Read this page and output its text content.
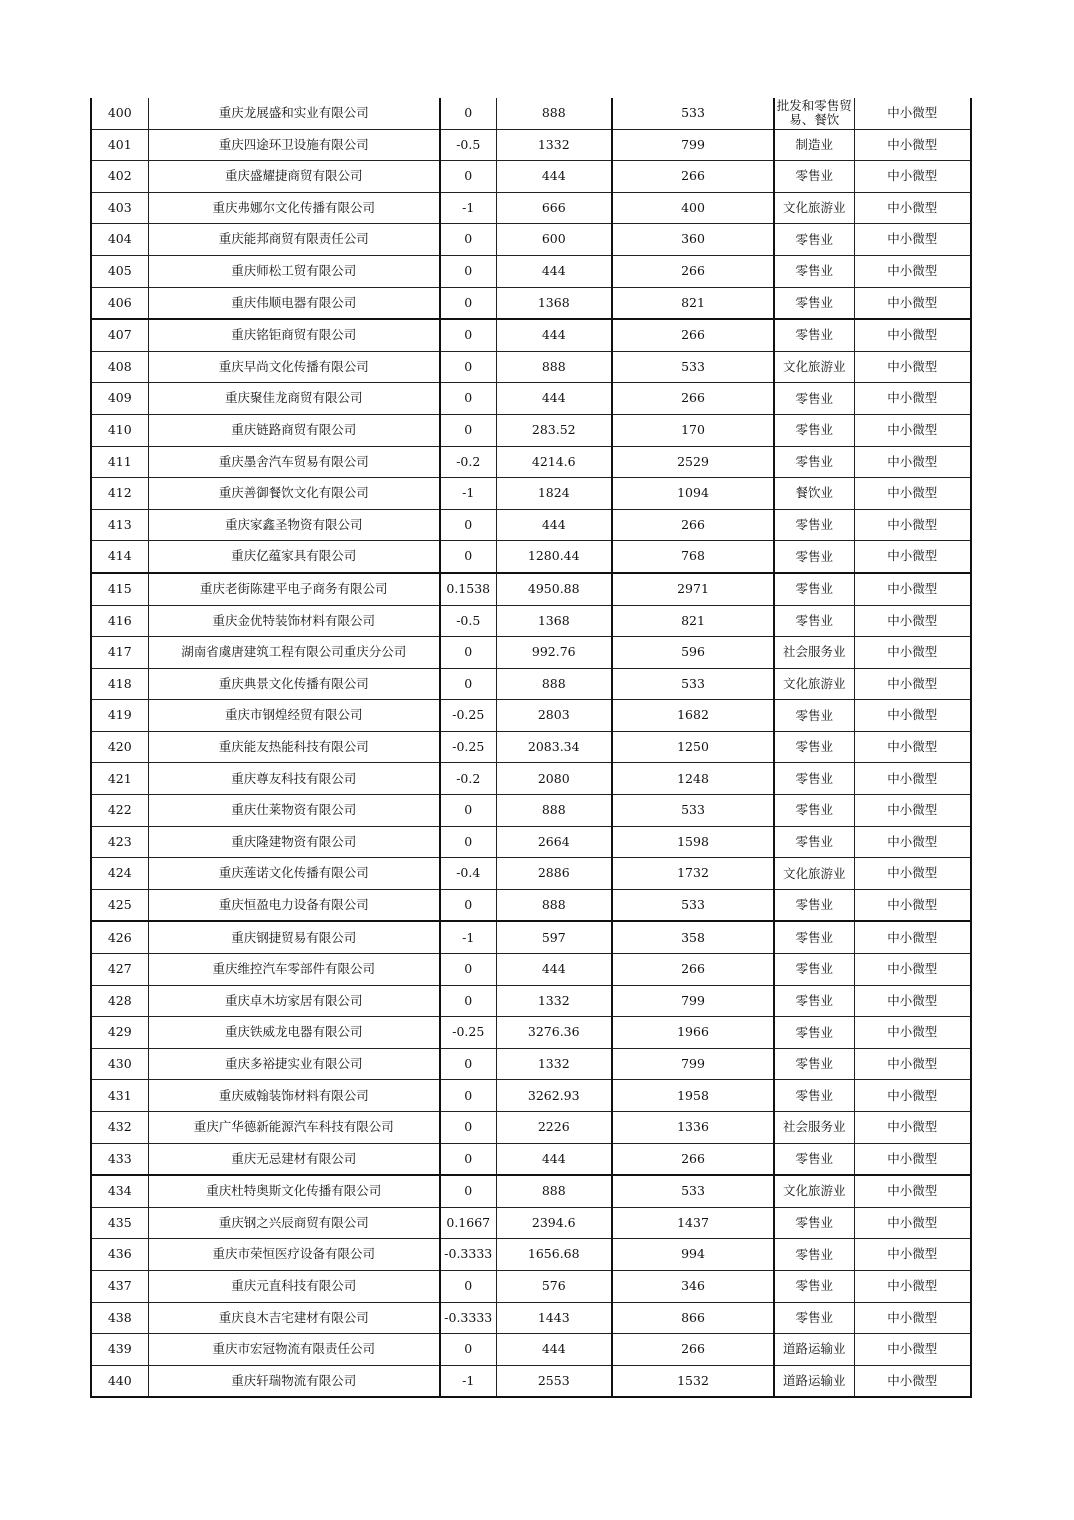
400	重庆龙展盛和实业有限公司	0	888	533	批发和零售贸易、餐饮	中小微型
401	重庆四途环卫设施有限公司	-0.5	1332	799	制造业	中小微型
402	重庆盛耀捷商贸有限公司	0	444	266	零售业	中小微型
403	重庆弗娜尔文化传播有限公司	-1	666	400	文化旅游业	中小微型
404	重庆能邦商贸有限责任公司	0	600	360	零售业	中小微型
405	重庆师松工贸有限公司	0	444	266	零售业	中小微型
406	重庆伟顺电器有限公司	0	1368	821	零售业	中小微型
407	重庆铭钜商贸有限公司	0	444	266	零售业	中小微型
408	重庆早尚文化传播有限公司	0	888	533	文化旅游业	中小微型
409	重庆聚佳龙商贸有限公司	0	444	266	零售业	中小微型
410	重庆链路商贸有限公司	0	283.52	170	零售业	中小微型
411	重庆墨舍汽车贸易有限公司	-0.2	4214.6	2529	零售业	中小微型
412	重庆善御餐饮文化有限公司	-1	1824	1094	餐饮业	中小微型
413	重庆家鑫圣物资有限公司	0	444	266	零售业	中小微型
414	重庆亿蕴家具有限公司	0	1280.44	768	零售业	中小微型
415	重庆老街陈建平电子商务有限公司	0.1538	4950.88	2971	零售业	中小微型
416	重庆金优特装饰材料有限公司	-0.5	1368	821	零售业	中小微型
417	湖南省虞唐建筑工程有限公司重庆分公司	0	992.76	596	社会服务业	中小微型
418	重庆典景文化传播有限公司	0	888	533	文化旅游业	中小微型
419	重庆市钢煌经贸有限公司	-0.25	2803	1682	零售业	中小微型
420	重庆能友热能科技有限公司	-0.25	2083.34	1250	零售业	中小微型
421	重庆尊友科技有限公司	-0.2	2080	1248	零售业	中小微型
422	重庆仕莱物资有限公司	0	888	533	零售业	中小微型
423	重庆隆建物资有限公司	0	2664	1598	零售业	中小微型
424	重庆莲诺文化传播有限公司	-0.4	2886	1732	文化旅游业	中小微型
425	重庆恒盈电力设备有限公司	0	888	533	零售业	中小微型
426	重庆钢捷贸易有限公司	-1	597	358	零售业	中小微型
427	重庆维控汽车零部件有限公司	0	444	266	零售业	中小微型
428	重庆卓木坊家居有限公司	0	1332	799	零售业	中小微型
429	重庆铁威龙电器有限公司	-0.25	3276.36	1966	零售业	中小微型
430	重庆多裕捷实业有限公司	0	1332	799	零售业	中小微型
431	重庆威翰装饰材料有限公司	0	3262.93	1958	零售业	中小微型
432	重庆广华德新能源汽车科技有限公司	0	2226	1336	社会服务业	中小微型
433	重庆无忌建材有限公司	0	444	266	零售业	中小微型
434	重庆杜特奥斯文化传播有限公司	0	888	533	文化旅游业	中小微型
435	重庆钢之兴辰商贸有限公司	0.1667	2394.6	1437	零售业	中小微型
436	重庆市荣恒医疗设备有限公司	-0.3333	1656.68	994	零售业	中小微型
437	重庆元直科技有限公司	0	576	346	零售业	中小微型
438	重庆良木吉宅建材有限公司	-0.3333	1443	866	零售业	中小微型
439	重庆市宏冠物流有限责任公司	0	444	266	道路运输业	中小微型
440	重庆轩瑞物流有限公司	-1	2553	1532	道路运输业	中小微型
